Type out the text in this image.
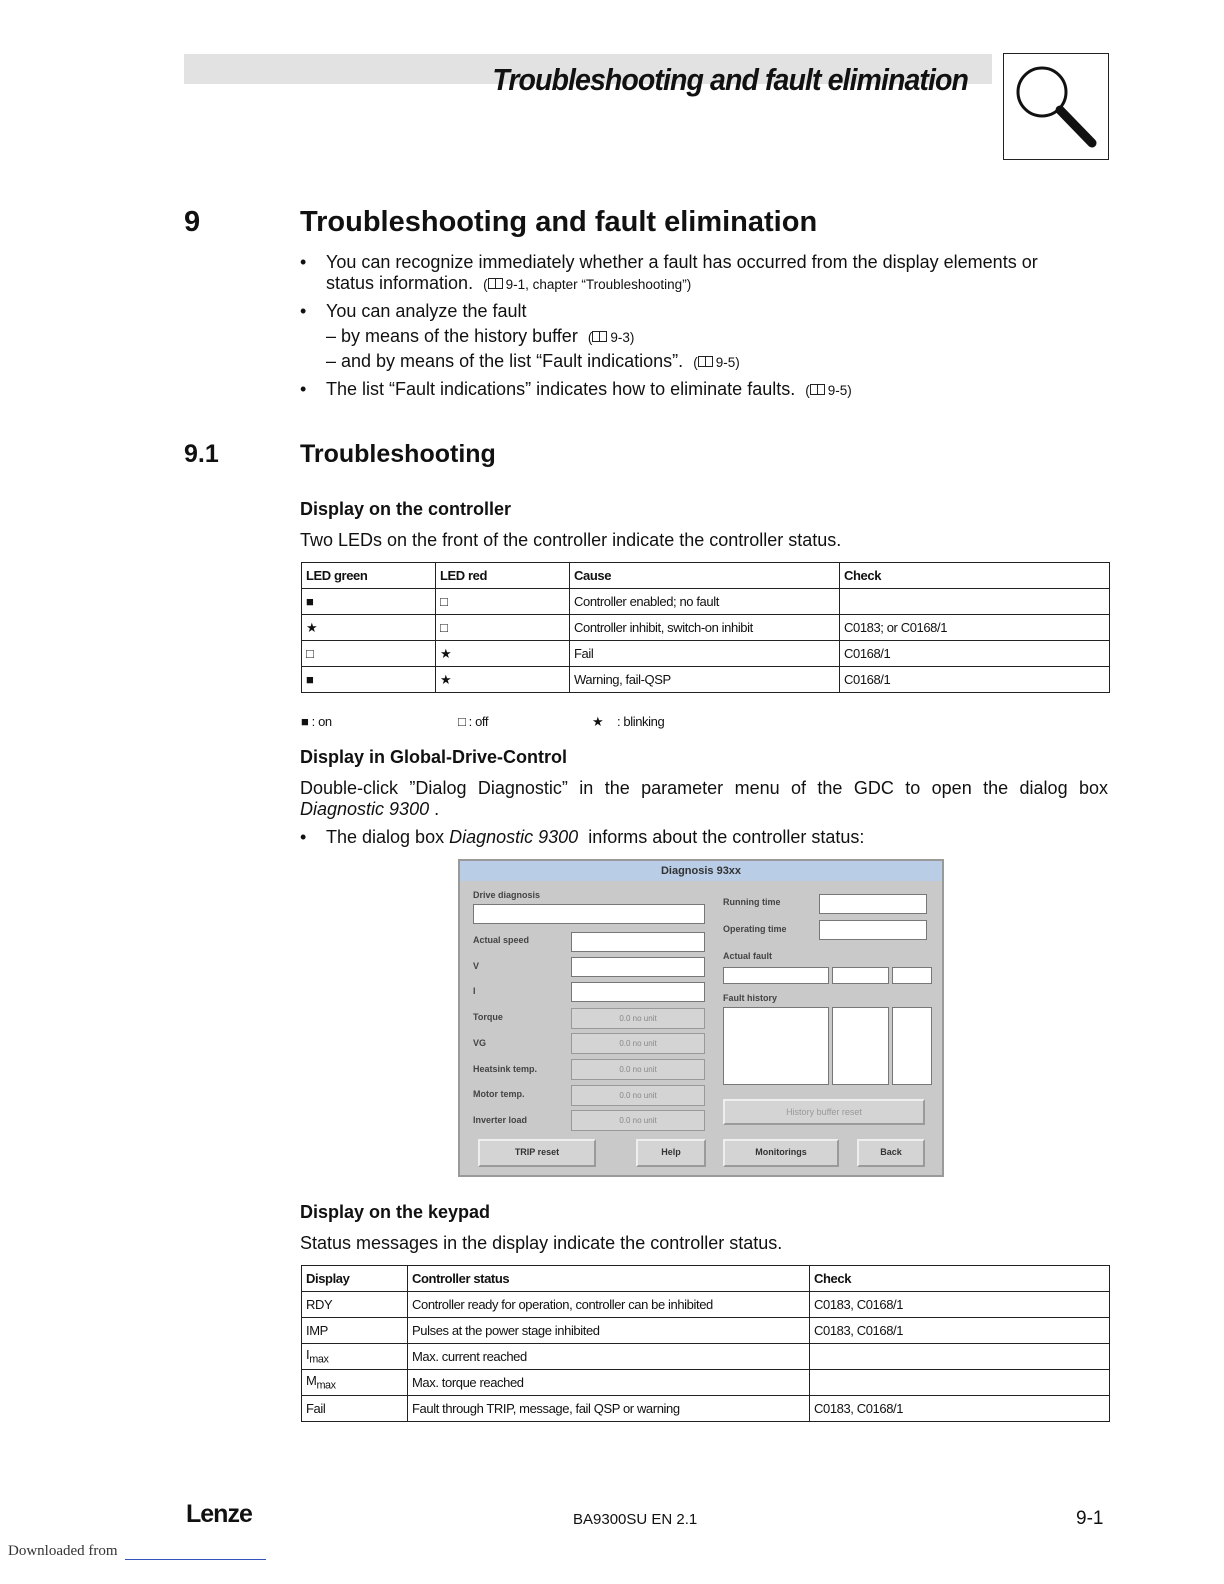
Troubleshooting and fault elimination
9	Troubleshooting and fault elimination
• You can recognize immediately whether a fault has occurred from the display elements or
status information. ( 9-1, chapter “Troubleshooting”)
• You can analyze the fault
– by means of the history buffer ( 9-3)
– and by means of the list “Fault indications”. ( 9-5)
• The list “Fault indications” indicates how to eliminate faults. ( 9-5)
9.1	Troubleshooting
Display on the controller
Two LEDs on the front of the controller indicate the controller status.
LED green	LED red	Cause	Check
■	□	Controller enabled; no fault	
★	□	Controller inhibit, switch-on inhibit	C0183; or C0168/1
□	★	Fail	C0168/1
■	★	Warning, fail-QSP	C0168/1
■ : on	□ : off	★ : blinking
Display in Global-Drive-Control
Double-click ”Dialog Diagnostic” in the parameter menu of the GDC to open the dialog box
Diagnostic 9300 .
• The dialog box Diagnostic 9300 informs about the controller status:
Diagnosis 93xx
Drive diagnosis
Actual speed
V
I
Torque	0.0 no unit
VG	0.0 no unit
Heatsink temp.	0.0 no unit
Motor temp.	0.0 no unit
Inverter load	0.0 no unit
Running time
Operating time
Actual fault
Fault history
History buffer reset
TRIP reset	Help	Monitorings	Back
Display on the keypad
Status messages in the display indicate the controller status.
Display	Controller status	Check
RDY	Controller ready for operation, controller can be inhibited	C0183, C0168/1
IMP	Pulses at the power stage inhibited	C0183, C0168/1
$I_{max}$	Max. current reached	
$M_{max}$	Max. torque reached	
Fail	Fault through TRIP, message, fail QSP or warning	C0183, C0168/1
Lenze	BA9300SU EN 2.1	9-1
Downloaded from
